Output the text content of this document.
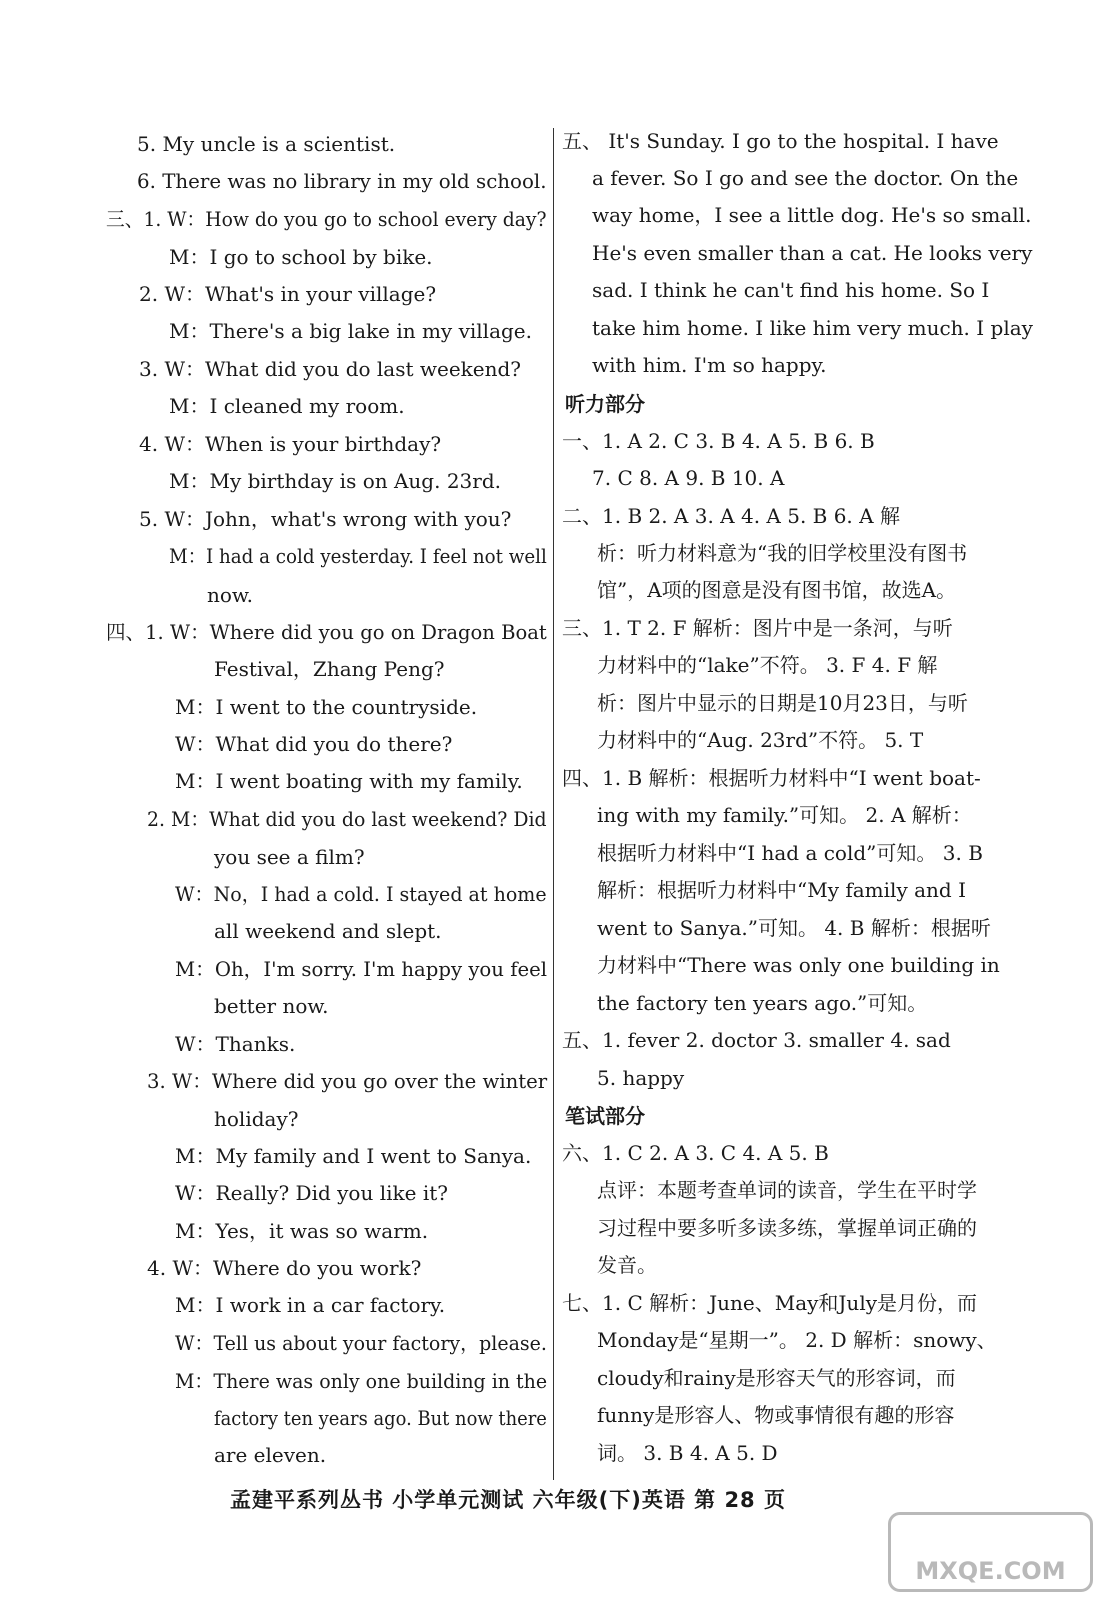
5. My uncle is a scientist.
6. There was no library in my old school.
三、1. W：How do you go to school every day?
M：I go to school by bike.
2. W：What's in your village?
M：There's a big lake in my village.
3. W：What did you do last weekend?
M：I cleaned my room.
4. W：When is your birthday?
M：My birthday is on Aug. 23rd.
5. W：John，what's wrong with you?
M：I had a cold yesterday. I feel not well
now.
四、1. W：Where did you go on Dragon Boat
Festival，Zhang Peng?
M：I went to the countryside.
W：What did you do there?
M：I went boating with my family.
2. M：What did you do last weekend? Did
you see a film?
W：No，I had a cold. I stayed at home
all weekend and slept.
M：Oh，I'm sorry. I'm happy you feel
better now.
W：Thanks.
3. W：Where did you go over the winter
holiday?
M：My family and I went to Sanya.
W：Really? Did you like it?
M：Yes，it was so warm.
4. W：Where do you work?
M：I work in a car factory.
W：Tell us about your factory，please.
M：There was only one building in the
factory ten years ago. But now there
are eleven.
五、 It's Sunday. I go to the hospital. I have
a fever. So I go and see the doctor. On the
way home，I see a little dog. He's so small.
He's even smaller than a cat. He looks very
sad. I think he can't find his home. So I
take him home. I like him very much. I play
with him. I'm so happy.
听力部分
一、1. A 2. C 3. B 4. A 5. B 6. B
7. C 8. A 9. B 10. A
二、1. B 2. A 3. A 4. A 5. B 6. A 解
析：听力材料意为“我的旧学校里没有图书
馆”，A项的图意是没有图书馆，故选A。
三、1. T 2. F 解析：图片中是一条河，与听
力材料中的“lake”不符。 3. F 4. F 解
析：图片中显示的日期是10月23日，与听
力材料中的“Aug. 23rd”不符。 5. T
四、1. B 解析：根据听力材料中“I went boat-
ing with my family.”可知。 2. A 解析：
根据听力材料中“I had a cold”可知。 3. B
解析：根据听力材料中“My family and I
went to Sanya.”可知。 4. B 解析：根据听
力材料中“There was only one building in
the factory ten years ago.”可知。
五、1. fever 2. doctor 3. smaller 4. sad
5. happy
笔试部分
六、1. C 2. A 3. C 4. A 5. B
点评：本题考查单词的读音，学生在平时学
习过程中要多听多读多练，掌握单词正确的
发音。
七、1. C 解析：June、May和July是月份，而
Monday是“星期一”。 2. D 解析：snowy、
cloudy和rainy是形容天气的形容词，而
funny是形容人、物或事情很有趣的形容
词。 3. B 4. A 5. D
孟建平系列丛书 小学单元测试 六年级(下)英语 第 28 页
MXQE.COM
